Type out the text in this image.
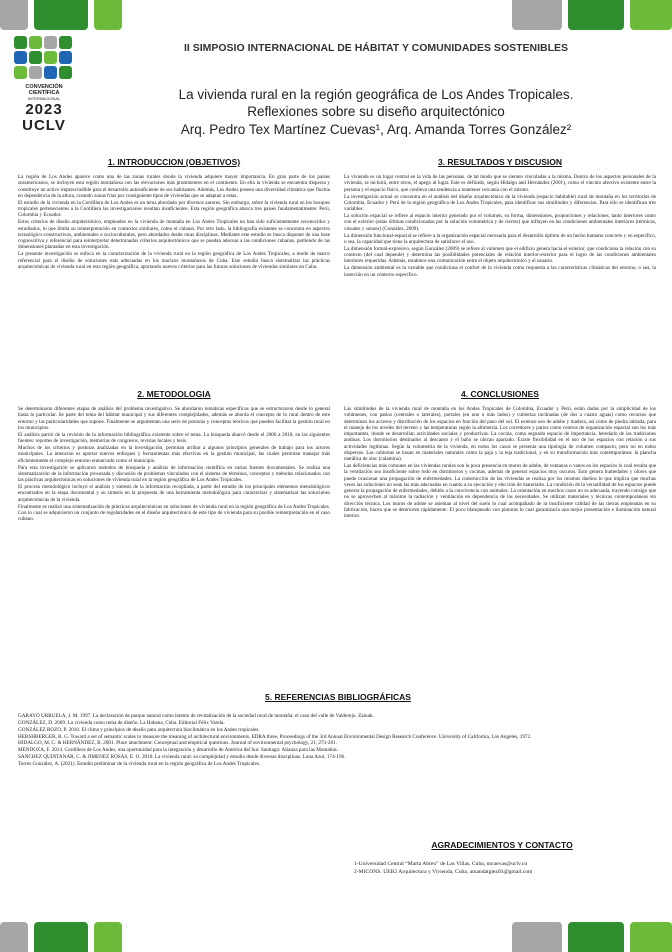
CONVENCIÓN
CIENTÍFICA
INTERNACIONAL
2023
UCLV
II SIMPOSIO INTERNACIONAL DE HÁBITAT Y COMUNIDADES SOSTENIBLES
La vivienda rural en la región geográfica de Los Andes Tropicales.
Reflexiones sobre su diseño arquitectónico
Arq. Pedro Tex Martínez Cuevas¹, Arq. Amanda Torres González²
1. INTRODUCCION (OBJETIVOS)

La región de Los Andes aparece como una de las zonas rurales donde la vivienda adquiere mayor importancia. En gran parte de los países suramericanos, se incluyen esta región montañosa con las elevaciones más prominentes en el continente. En ella la vivienda se encuentra dispersa y constituye un activo imprescindible para el desarrollo autosuficiente de sus habitantes. Además, Los Andes poseen una diversidad climática que fluctúa en dependencia de la altura, creando zonas frías por consiguiente tipos de viviendas que se adaptan a estas.

El estudio de la vivienda en la Cordillera de Los Andes es un tema abordado por diversos autores. Sin embargo, sobre la vivienda rural en los bosques tropicales pertenecientes a la Cordillera las investigaciones resultan insuficientes. Esta región geográfica abarca tres países fundamentalmente: Perú, Colombia y Ecuador.

Estos criterios de diseño arquitectónico, empleados en la vivienda de montaña en Los Andes Tropicales no han sido suficientemente reconocidos y estudiados, lo que limita su reinterpretación en contextos similares, como el cubano. Por otro lado, la bibliografía existente se concentra en aspectos tecnológico-constructivos, ambientales o socioculturales, pero abordados desde otras disciplinas. Mediante este estudio se busca disponer de una base cognoscitiva y referencial para reinterpretar determinados criterios arquitectónicos que se puedan adecuar a las condiciones cubanas, partiendo de las dimensiones plantadas en esta investigación.

La presente investigación se enfoca en la caracterización de la vivienda rural en la región geográfica de Los Andes Tropicales, a modo de marco referencial para el diseño de soluciones más adecuadas en los macizos montañosos de Cuba. Este estudio busca sistematizar las prácticas arquitectónicas de vivienda rural en esta región geográfica, aportando nuevos criterios para las futuras soluciones de viviendas similares en Cuba.

3. RESULTADOS Y DISCUSION

La vivienda es un lugar central en la vida de las personas, de tal modo que se sienten vinculadas a la misma. Dentro de los aspectos personales de la vivienda, se incluirá, entre otros, el apego al lugar. Este es definido, según Hidalgo and Hernández (2001), como el vínculo afectivo existente entre la persona y el espacio físico, que conlleva una tendencia a mantener cercanía con el mismo.

La investigación actual se concentra en el análisis del diseño arquitectónico de la vivienda (espacio habitable) rural de montaña en los territorios de Colombia, Ecuador y Perú de la región geográfica de Los Andes Tropicales, para identificar sus similitudes y diferencias. Para ello se identifican tres variables:

La solución espacial se refiere al espacio interior generado por el volumen, su forma, dimensiones, proporciones y relaciones, tanto interiores como con el exterior (estas últimas condicionadas por la solución volumétrica y de cierres) que influyen en las condiciones ambientales interiores (térmicas, visuales y sonora) (González, 2009).

La dimensión funcional-espacial se refiere a la organización espacial necesaria para el desarrollo óptimo de un hecho humano concreto y en específico, o sea, la capacidad que tiene la arquitectura de satisfacer el uso.

La dimensión formal-expresivo, según González (2009) se refiere al volumen que el edificio genera hacia el exterior, que condiciona la relación con su contexto (del cual depende) y determina las posibilidades potenciales de relación interior-exterior para el logro de las condiciones ambientales interiores requeridas. Además, establece una comunicación entre el objeto arquitectónico y el usuario.

La dimensión ambiental es la variable que condiciona el confort de la vivienda como respuesta a las características climáticas del entorno, o sea, la inserción en un contexto específico.

2. METODOLOGIA

Se determinaron diferentes etapas de análisis del problema investigativo. Se abordaron temáticas específicas que se estructuraron desde lo general hasta lo particular. Se parte del tema del hábitat municipal y sus diferentes complejidades, además se aborda el concepto de lo rural dentro de este entorno y las particularidades que supone. Finalmente se argumentan una serie de posturas y conceptos teóricos que pueden facilitar la gestión rural en los municipios.

El análisis partió de la revisión de la información bibliográfica existente sobre el tema. La búsqueda abarcó desde el 2000 a 2018, en las siguientes fuentes: reportes de investigación, memorias de congresos, revistas locales y tesis.

Muchos de los criterios y posturas analizadas en la investigación, permitan arribar a algunos principios generales de trabajo para los actores municipales. La intención es aportar nuevos enfoques y herramientas más efectivas en la gestión municipal, las cuales permitan manejar más eficientemente el complejo entorno enmarcado como el municipio.

Para esta investigación se aplicaron métodos de búsqueda y análisis de información científica en varias fuentes documentales. Se realiza una sistematización de la información procesada y discusión de problemas vinculados con el sistema de términos, conceptos y métodos relacionados con las prácticas arquitectónicas en soluciones de vivienda rural en la región geográfica de Los Andes Tropicales.

El proceso metodológico incluyó el análisis y síntesis de la información recopilada, a partir del estudio de los principales elementos metodológicos encontrados en la etapa documental y su síntesis en la propuesta de una herramienta metodológica para caracterizar y sistematizar las soluciones arquitectónicas de la vivienda.

Finalmente se realizó una sistematización de prácticas arquitectónicas en soluciones de vivienda rural en la región geográfica de Los Andes Tropicales. Con lo cual se adquirieron un conjunto de regularidades en el diseño arquitectónico de este tipo de vivienda para su posible reinterpretación en el caso cubano.

4. CONCLUSIONES

Las similitudes de la vivienda rural de montaña en los Andes Tropicales de Colombia, Ecuador y Perú, están dadas por la simplicidad de los volúmenes, con patios (centrales o laterales), portales (en uno o más lados) y cubiertas inclinadas (de dos a cuatro aguas) como recursos que determinan los accesos y distribución de los espacios en función del paso del sol. El extenso uso de adobe y madera, así como de piedra labrada, para el manejo de los niveles del terreno y las temperaturas según la altimetría. Los corredores y patios como centros de organización espacial son los más importantes, donde se desarrollan actividades sociales y productivas. La cocina, como segundo espacio de importancia, heredado de las tradiciones andinas. Los dormitorios destinados al descanso y el baño se ubican apartado. Existe flexibilidad en el uso de los espacios con relación a sus actividades legítimas. Según la volumetría de la vivienda, en todos los casos se presenta una tipología de volumen compacto, pero no en todos dispersos. Las cubiertas se basan en materiales naturales como la paja y la teja tradicional, y en su transformación más contemporánea: la plancha metálica de zinc (calamina).

Las deficiencias más comunes en las viviendas rurales son la poca presencia en muros de adobe, de ventanas o vanos en los espacios lo cual resulta que la ventilación sea insuficiente sobre todo en dormitorios y cocinas, además de generar espacios muy oscuros. Esto genera humedades y olores que puede ocasionar una propagación de enfermedades. La construcción de las viviendas se realiza por los mismos dueños lo que implica que muchas veces las soluciones no sean las más adecuadas en cuanto a su ejecución y elección de materiales. La condición de la versatilidad de los espacios puede generar la propagación de enfermedades, debido a la convivencia con animales. La orientación en muchos casos no es adecuada, trayendo consigo que no se aprovechen al máximo la radiación y ventilación en dependencia de las necesidades. Se utilizan materiales y técnicas contemporáneas sin dirección técnica. Los muros de adobe se asientan al nivel del suelo lo cual acompañado de la insuficiente calidad de las tierras empleadas en su fabricación, hacen que se deterioren rápidamente. El poco blanqueado con pinturas lo cual garantizaría una mejor presentación e iluminación natural interior.

5. REFERENCIAS BIBLIOGRÁFICAS
GARAYO URRUELA, J. M. 1997. La declaración de parque natural como intento de revitalización de la sociedad rural de montaña: el caso del valle de Valderejo. Zainak.
GONZÁLEZ, D. 2009. La vivienda como tema de diseño. La Habana, Cuba. Editorial Félix Varela.
GONZÁLEZ ROZO, P. 2010. El clima y principios de diseño para arquitectura bioclimática en los Andes tropicales.
HERSHBERGER, R. G. Toward a set of semantic scales to measure the meaning of architectural environments. EDRA three, Proceedings of the 3rd Annual Environmental Design Research Conference. University of California, Los Angeles, 1972.
HIDALGO, M. C. & HERNÁNDEZ, B. 2001. Place attachment: Conceptual and empirical questions. Journal of environmental psychology, 21, 273-281.
MENDOZA, F. 2014. Cordillera de Los Andes, una oportunidad para la integración y desarrollo de América del Sur. Santiago: Alianza para las Montañas.
SANCHEZ QUINTANAR, C. & JIMENEZ ROSAS, E. O. 2010. La vivienda rural: su complejidad y estudio desde diversas disciplinas. Luna Azul, 174-196.
Torres González, A. (2021). Estudio preliminar de la vivienda rural en la región geográfica de Los Andes Tropicales.
AGRADECIMIENTOS Y CONTACTO
1-Universidad Central “Marta Abreu” de Las Villas, Cuba, mcuevas@uclv.cu
2-MICONS. UEB2 Arquitectura y Vivienda, Cuba, amandatglez03@gmail.com
